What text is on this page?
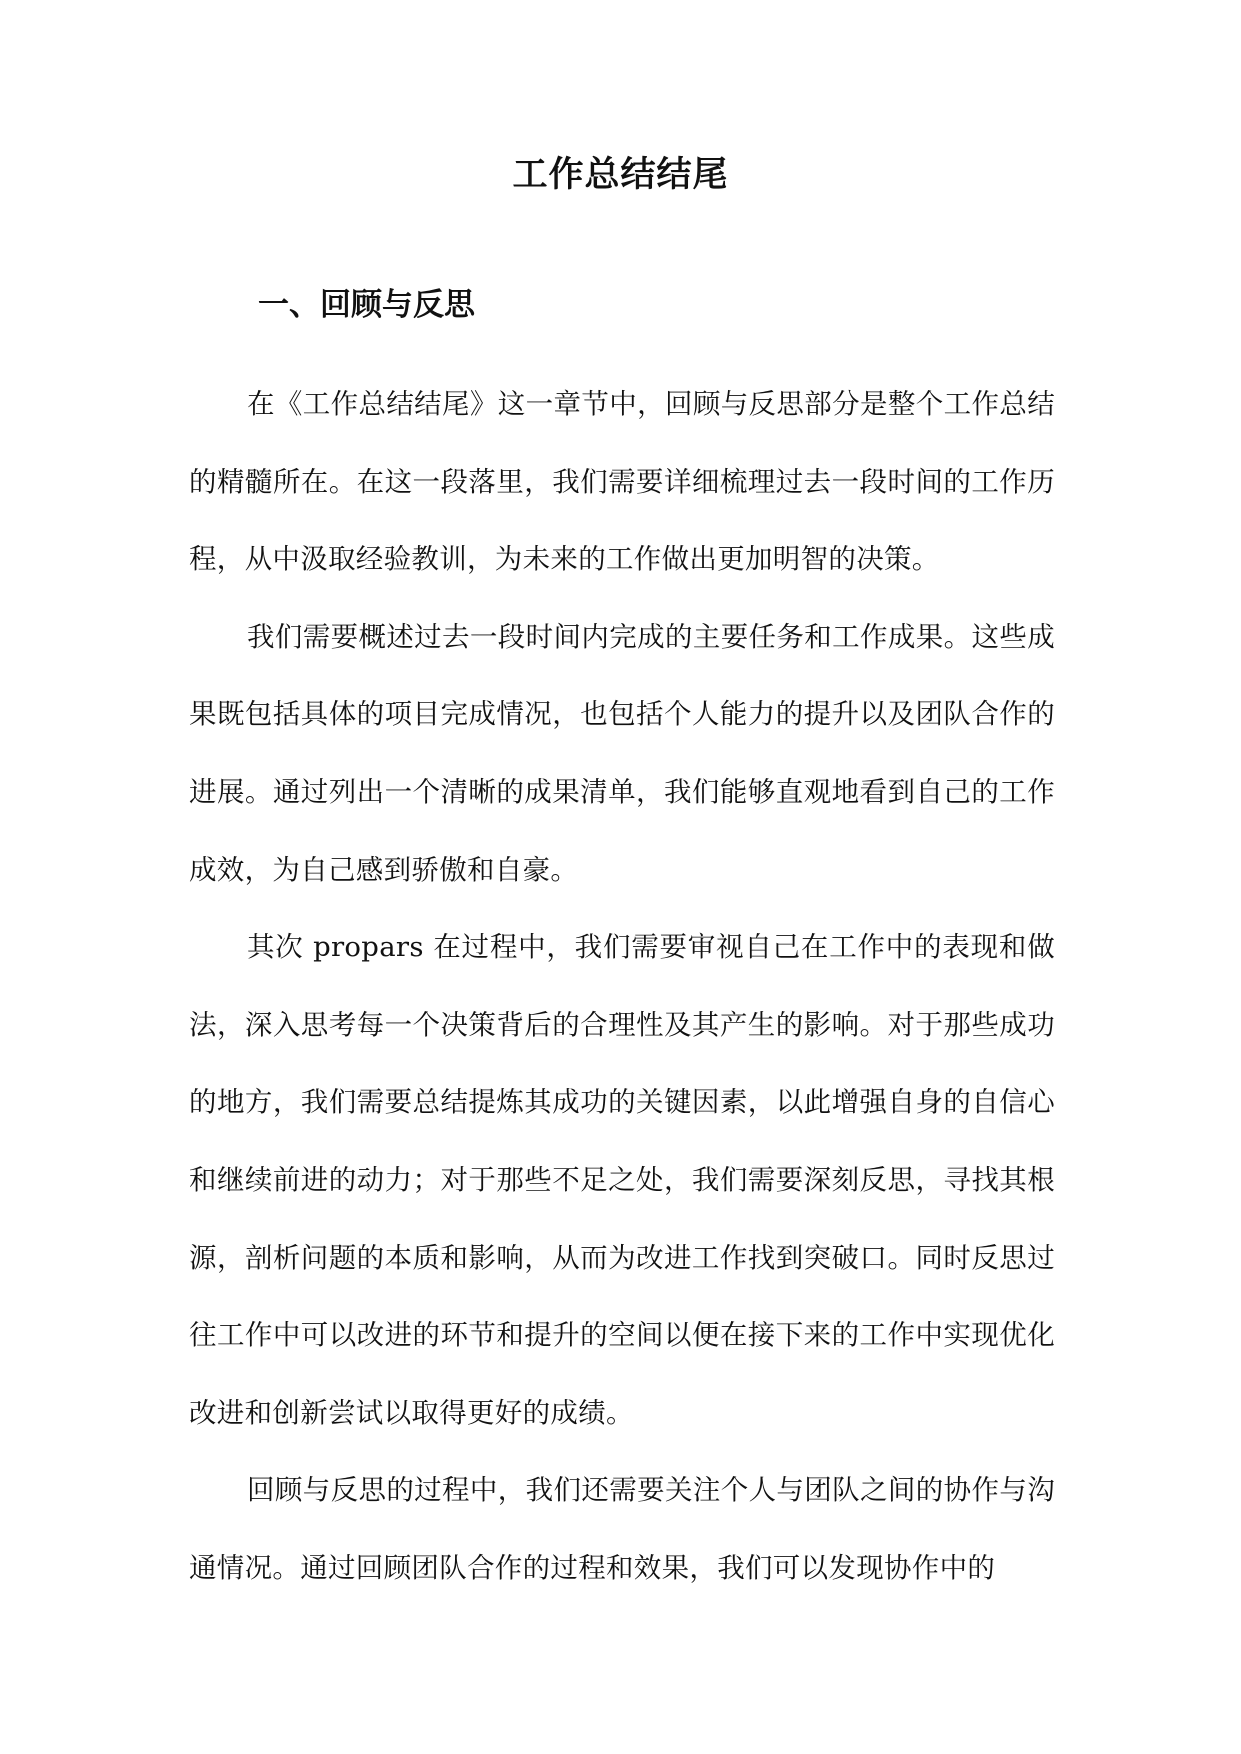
工作总结结尾
一、回顾与反思

在《工作总结结尾》这一章节中，回顾与反思部分是整个工作总结的精髓所在。在这一段落里，我们需要详细梳理过去一段时间的工作历程，从中汲取经验教训，为未来的工作做出更加明智的决策。

我们需要概述过去一段时间内完成的主要任务和工作成果。这些成果既包括具体的项目完成情况，也包括个人能力的提升以及团队合作的进展。通过列出一个清晰的成果清单，我们能够直观地看到自己的工作成效，为自己感到骄傲和自豪。

其次 propars 在过程中，我们需要审视自己在工作中的表现和做法，深入思考每一个决策背后的合理性及其产生的影响。对于那些成功的地方，我们需要总结提炼其成功的关键因素，以此增强自身的自信心和继续前进的动力；对于那些不足之处，我们需要深刻反思，寻找其根源，剖析问题的本质和影响，从而为改进工作找到突破口。同时反思过往工作中可以改进的环节和提升的空间以便在接下来的工作中实现优化改进和创新尝试以取得更好的成绩。

回顾与反思的过程中，我们还需要关注个人与团队之间的协作与沟通情况。通过回顾团队合作的过程和效果，我们可以发现协作中的
